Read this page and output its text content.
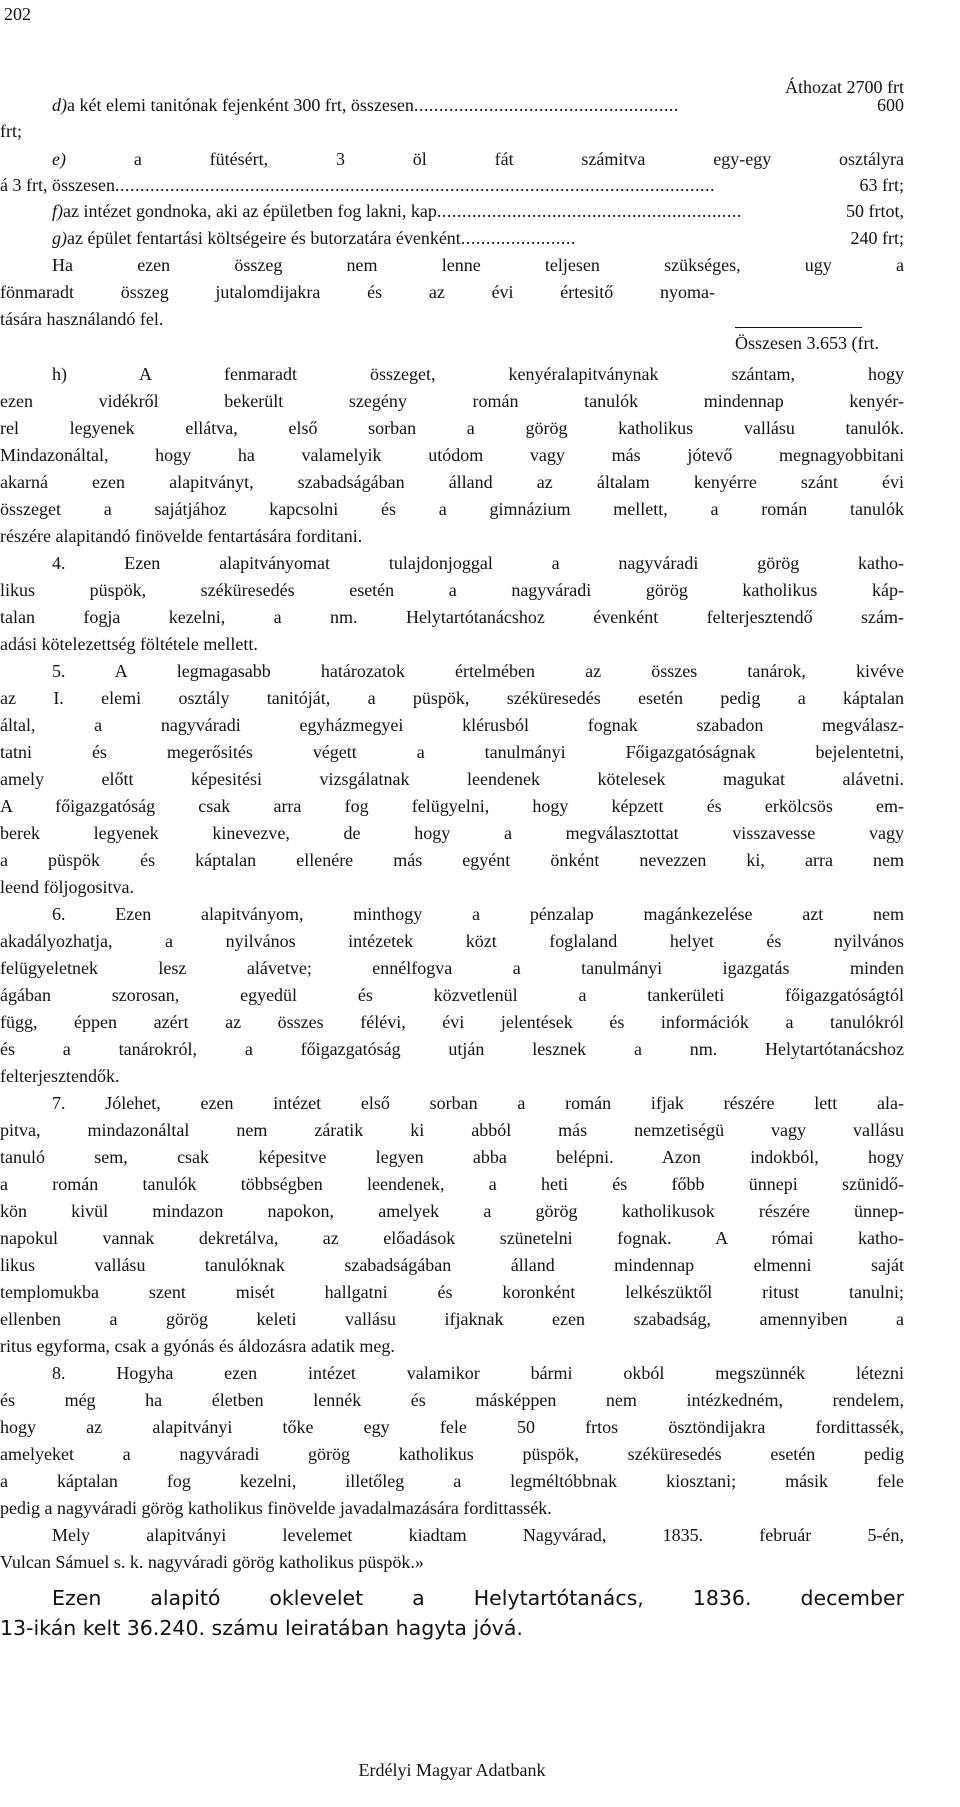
202
Áthozat 2700 frt
d) a két elemi tanitónak fejenként 300 frt, összesen .....................................................	600
frt;
e)	a fütésért, 3 öl fát számitva egy-egy osztályra
á 3 frt, összesen ........................................................................................................................	63 frt;
f) az intézet gondnoka, aki az épületben fog lakni, kap .............................................................	50 frtot,
g) az épület fentartási költségeire és butorzatára évenként .......................	240 frt;
Ha ezen összeg nem lenne teljesen szükséges, ugy a
fönmaradt összeg jutalomdijakra és az évi értesitő nyoma-
tására használandó fel.
Összesen 3.653 (frt.
h) A fenmaradt összeget, kenyéralapitványnak szántam, hogy
ezen vidékről bekerült szegény román tanulók mindennap kenyér-
rel legyenek ellátva, első sorban a görög katholikus vallásu tanulók.
Mindazonáltal, hogy ha valamelyik utódom vagy más jótevő megnagyobbitani
akarná ezen alapitványt, szabadságában álland az általam kenyérre szánt évi
összeget a sajátjához kapcsolni és a gimnázium mellett, a román tanulók
részére alapitandó finövelde fentartására forditani.
4. Ezen alapitványomat tulajdonjoggal a nagyváradi görög katho-
likus püspök, széküresedés esetén a nagyváradi görög katholikus káp-
talan fogja kezelni, a nm. Helytartótanácshoz évenként felterjesztendő szám-
adási kötelezettség föltétele mellett.
5. A legmagasabb határozatok értelmében az összes tanárok, kivéve
az I. elemi osztály tanitóját, a püspök, széküresedés esetén pedig a káptalan
által, a nagyváradi egyházmegyei klérusból fognak szabadon megválasz-
tatni és megerősités végett a tanulmányi Főigazgatóságnak bejelentetni,
amely előtt képesitési vizsgálatnak leendenek kötelesek magukat alávetni.
A főigazgatóság csak arra fog felügyelni, hogy képzett és erkölcsös em-
berek legyenek kinevezve, de hogy a megválasztottat visszavesse vagy
a püspök és káptalan ellenére más egyént önként nevezzen ki, arra nem
leend följogositva.
6. Ezen alapitványom, minthogy a pénzalap magánkezelése azt nem
akadályozhatja, a nyilvános intézetek közt foglaland helyet és nyilvános
felügyeletnek lesz alávetve; ennélfogva a tanulmányi igazgatás minden
ágában szorosan, egyedül és közvetlenül a tankerületi főigazgatóságtól
függ, éppen azért az összes félévi, évi jelentések és információk a tanulókról
és a tanárokról, a főigazgatóság utján lesznek a nm. Helytartótanácshoz
felterjesztendők.
7. Jólehet, ezen intézet első sorban a román ifjak részére lett ala-
pitva, mindazonáltal nem záratik ki abból más nemzetiségü vagy vallásu
tanuló sem, csak képesitve legyen abba belépni. Azon indokból, hogy
a román tanulók többségben leendenek, a heti és főbb ünnepi szünidő-
kön kivül mindazon napokon, amelyek a görög katholikusok részére ünnep-
napokul vannak dekretálva, az előadások szünetelni fognak. A római katho-
likus vallásu tanulóknak szabadságában álland mindennap elmenni saját
templomukba szent misét hallgatni és koronként lelkészüktől ritust tanulni;
ellenben a görög keleti vallásu ifjaknak ezen szabadság, amennyiben a
ritus egyforma, csak a gyónás és áldozásra adatik meg.
8. Hogyha ezen intézet valamikor bármi okból megszünnék létezni
és még ha életben lennék és másképpen nem intézkedném, rendelem,
hogy az alapitványi tőke egy fele 50 frtos ösztöndijakra fordittassék,
amelyeket a nagyváradi görög katholikus püspök, széküresedés esetén pedig
a káptalan fog kezelni, illetőleg a legméltóbbnak kiosztani; másik fele
pedig a nagyváradi görög katholikus finövelde javadalmazására fordittassék.
Mely alapitványi levelemet kiadtam Nagyvárad, 1835. február 5-én,
Vulcan Sámuel s. k. nagyváradi görög katholikus püspök.»
Ezen alapitó oklevelet a Helytartótanács, 1836. december
13-ikán kelt 36.240. számu leiratában hagyta jóvá.
Erdélyi Magyar Adatbank
